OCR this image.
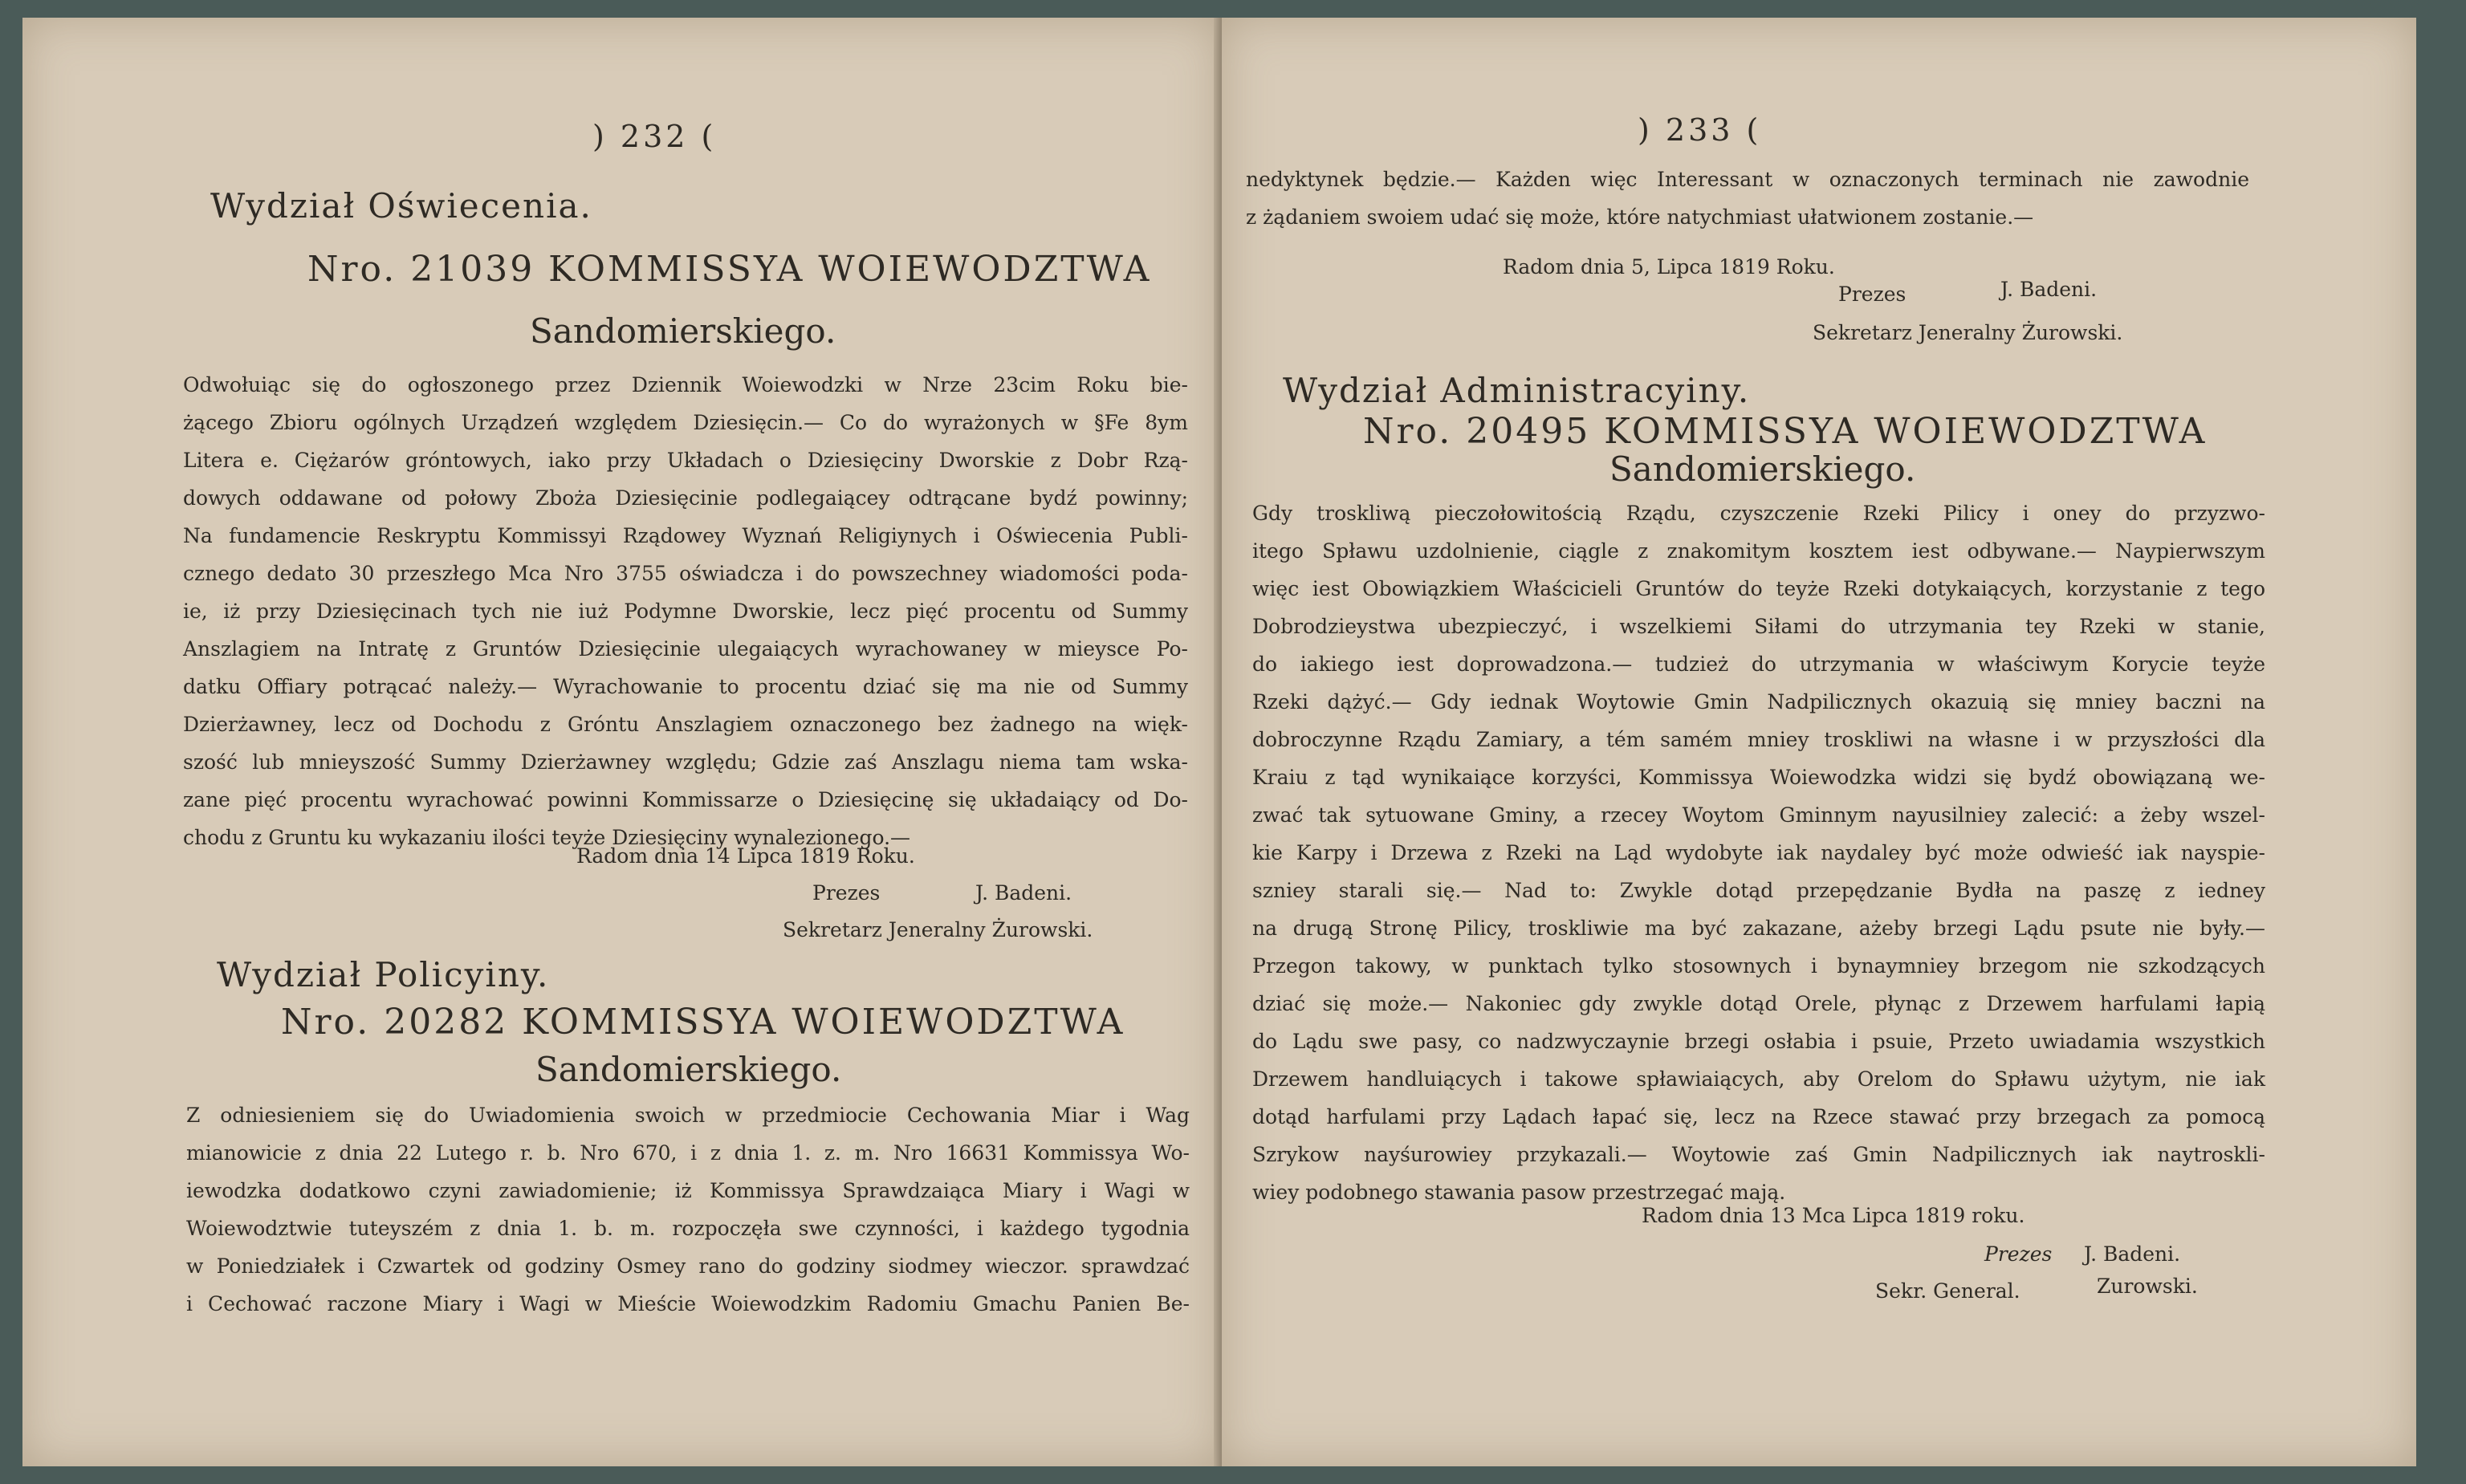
) 232 (
Wydział Oświecenia.
Nro. 21039 KOMMISSYA WOIEWODZTWA
Sandomierskiego.
Odwołuiąc się do ogłoszonego przez Dziennik Woiewodzki w Nrze 23cim Roku bie-
żącego Zbioru ogólnych Urządzeń względem Dziesięcin.— Co do wyrażonych w §Fe 8ym
Litera e. Ciężarów gróntowych, iako przy Układach o Dziesięciny Dworskie z Dobr Rzą-
dowych oddawane od połowy Zboża Dziesięcinie podlegaiącey odtrącane bydź powinny;
Na fundamencie Reskryptu Kommissyi Rządowey Wyznań Religiynych i Oświecenia Publi-
cznego dedato 30 przeszłego Mca Nro 3755 oświadcza i do powszechney wiadomości poda-
ie, iż przy Dziesięcinach tych nie iuż Podymne Dworskie, lecz pięć procentu od Summy
Anszlagiem na Intratę z Gruntów Dziesięcinie ulegaiących wyrachowaney w mieysce Po-
datku Offiary potrącać należy.— Wyrachowanie to procentu dziać się ma nie od Summy
Dzierżawney, lecz od Dochodu z Gróntu Anszlagiem oznaczonego bez żadnego na więk-
szość lub mnieyszość Summy Dzierżawney względu; Gdzie zaś Anszlagu niema tam wska-
zane pięć procentu wyrachować powinni Kommissarze o Dziesięcinę się układaiący od Do-
chodu z Gruntu ku wykazaniu ilości teyże Dziesięciny wynalezionego.—
Radom dnia 14 Lipca 1819 Roku.
Prezes	J. Badeni.
Sekretarz Jeneralny Żurowski.
Wydział Policyiny.
Nro. 20282 KOMMISSYA WOIEWODZTWA
Sandomierskiego.
Z odniesieniem się do Uwiadomienia swoich w przedmiocie Cechowania Miar i Wag
mianowicie z dnia 22 Lutego r. b. Nro 670, i z dnia 1. z. m. Nro 16631 Kommissya Wo-
iewodzka dodatkowo czyni zawiadomienie; iż Kommissya Sprawdzaiąca Miary i Wagi w
Woiewodztwie tuteyszém z dnia 1. b. m. rozpoczęła swe czynności, i każdego tygodnia
w Poniedziałek i Czwartek od godziny Osmey rano do godziny siodmey wieczor. sprawdzać
i Cechować raczone Miary i Wagi w Mieście Woiewodzkim Radomiu Gmachu Panien Be-
) 233 (
nedyktynek będzie.— Każden więc Interessant w oznaczonych terminach nie zawodnie
z żądaniem swoiem udać się może, które natychmiast ułatwionem zostanie.—
Radom dnia 5, Lipca 1819 Roku.
Prezes	J. Badeni.
Sekretarz Jeneralny Żurowski.
Wydział Administracyiny.
Nro. 20495 KOMMISSYA WOIEWODZTWA
Sandomierskiego.
Gdy troskliwą pieczołowitością Rządu, czyszczenie Rzeki Pilicy i oney do przyzwo-
itego Spławu uzdolnienie, ciągle z znakomitym kosztem iest odbywane.— Naypierwszym
więc iest Obowiązkiem Właścicieli Gruntów do teyże Rzeki dotykaiących, korzystanie z tego
Dobrodzieystwa ubezpieczyć, i wszelkiemi Siłami do utrzymania tey Rzeki w stanie,
do iakiego iest doprowadzona.— tudzież do utrzymania w właściwym Korycie teyże
Rzeki dążyć.— Gdy iednak Woytowie Gmin Nadpilicznych okazuią się mniey baczni na
dobroczynne Rządu Zamiary, a tém samém mniey troskliwi na własne i w przyszłości dla
Kraiu z tąd wynikaiące korzyści, Kommissya Woiewodzka widzi się bydź obowiązaną we-
zwać tak sytuowane Gminy, a rzecey Woytom Gminnym nayusilniey zalecić: a żeby wszel-
kie Karpy i Drzewa z Rzeki na Ląd wydobyte iak naydaley być może odwieść iak nayspie-
szniey starali się.— Nad to: Zwykle dotąd przepędzanie Bydła na paszę z iedney
na drugą Stronę Pilicy, troskliwie ma być zakazane, ażeby brzegi Lądu psute nie były.—
Przegon takowy, w punktach tylko stosownych i bynaymniey brzegom nie szkodzących
dziać się może.— Nakoniec gdy zwykle dotąd Orele, płynąc z Drzewem harfulami łapią
do Lądu swe pasy, co nadzwyczaynie brzegi osłabia i psuie, Przeto uwiadamia wszystkich
Drzewem handluiących i takowe spławiaiących, aby Orelom do Spławu użytym, nie iak
dotąd harfulami przy Lądach łapać się, lecz na Rzece stawać przy brzegach za pomocą
Szrykow nayśurowiey przykazali.— Woytowie zaś Gmin Nadpilicznych iak naytroskli-
wiey podobnego stawania pasow przestrzegać mają.
Radom dnia 13 Mca Lipca 1819 roku.
Prezes J. Badeni.
Sekr. General.	Zurowski.
